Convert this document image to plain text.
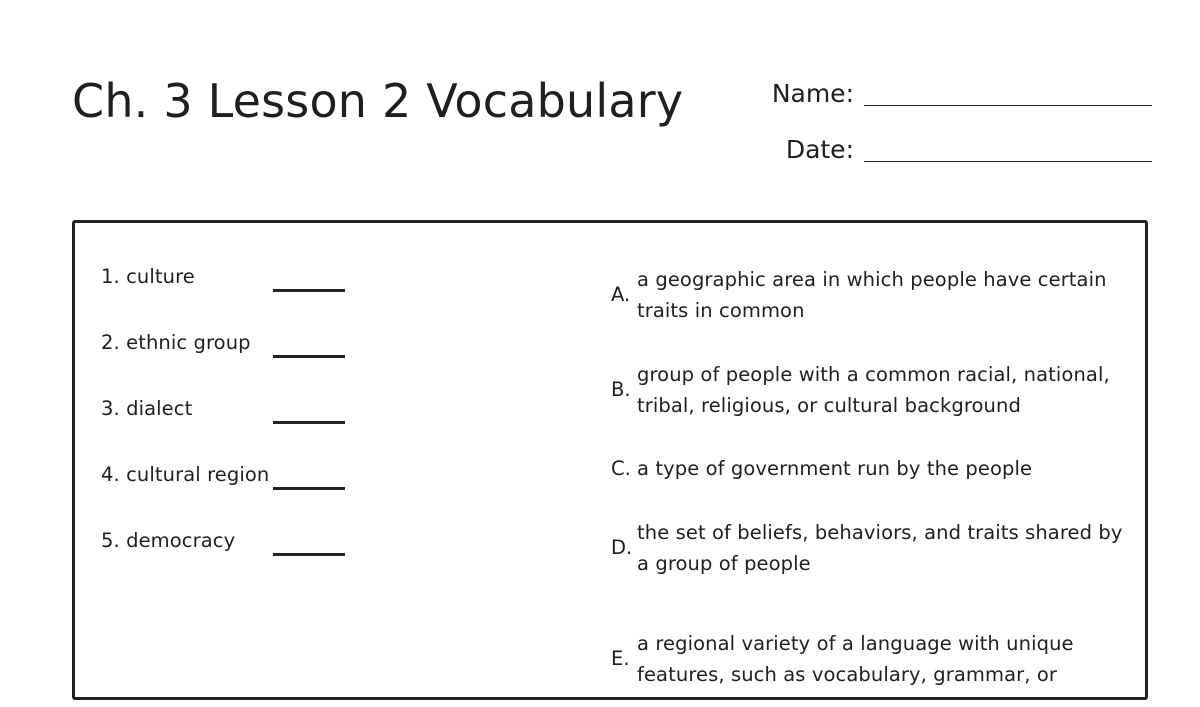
Ch. 3 Lesson 2 Vocabulary	Name:
Date:
1. culture
2. ethnic group
3. dialect
4. cultural region
5. democracy
A.
a geographic area in which people have certain traits in common
B.
group of people with a common racial, national, tribal, religious, or cultural background
C. a type of government run by the people
D.
the set of beliefs, behaviors, and traits shared by a group of people
E.
a regional variety of a language with unique features, such as vocabulary, grammar, or
